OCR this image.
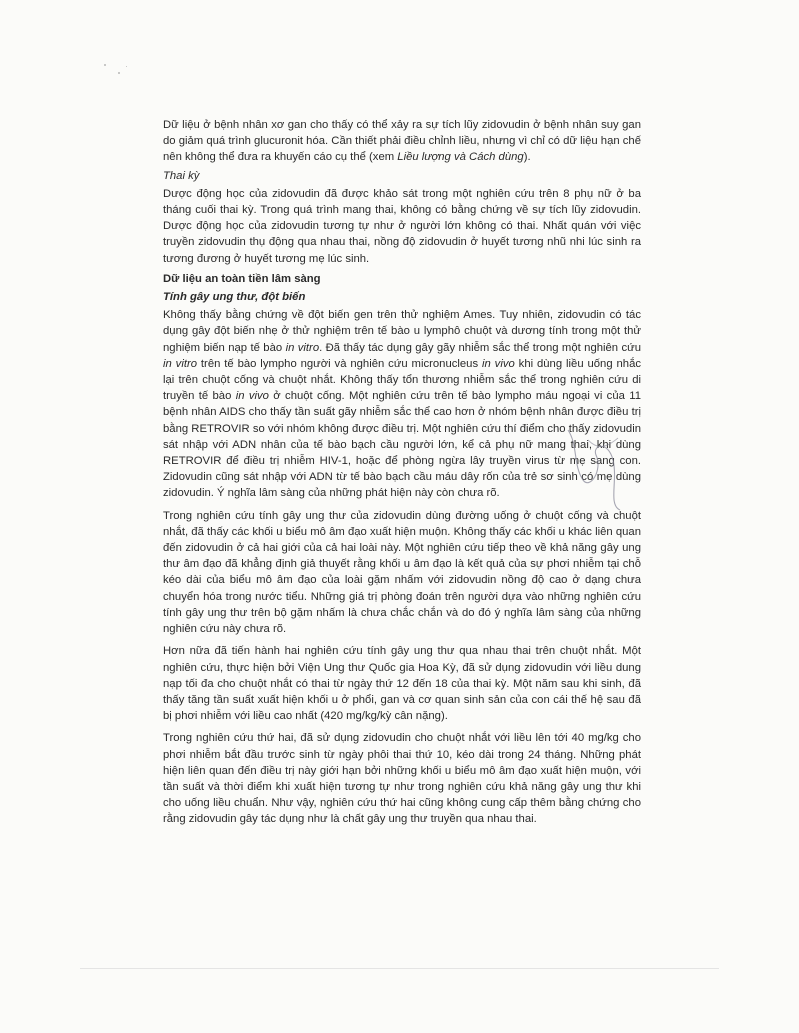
Dữ liệu ở bệnh nhân xơ gan cho thấy có thể xảy ra sự tích lũy zidovudin ở bệnh nhân suy gan do giảm quá trình glucuronit hóa. Cần thiết phải điều chỉnh liều, nhưng vì chỉ có dữ liệu hạn chế nên không thể đưa ra khuyến cáo cụ thể (xem Liều lượng và Cách dùng).

Thai kỳ

Dược động học của zidovudin đã được khảo sát trong một nghiên cứu trên 8 phụ nữ ở ba tháng cuối thai kỳ. Trong quá trình mang thai, không có bằng chứng về sự tích lũy zidovudin. Dược động học của zidovudin tương tự như ở người lớn không có thai. Nhất quán với việc truyền zidovudin thụ động qua nhau thai, nồng độ zidovudin ở huyết tương nhũ nhi lúc sinh ra tương đương ở huyết tương mẹ lúc sinh.

Dữ liệu an toàn tiền lâm sàng
Tính gây ung thư, đột biến

Không thấy bằng chứng về đột biến gen trên thử nghiệm Ames. Tuy nhiên, zidovudin có tác dụng gây đột biến nhẹ ở thử nghiệm trên tế bào u lymphô chuột và dương tính trong một thử nghiệm biến nạp tế bào in vitro. Đã thấy tác dụng gây gãy nhiễm sắc thể trong một nghiên cứu in vitro trên tế bào lympho người và nghiên cứu micronucleus in vivo khi dùng liều uống nhắc lại trên chuột cống và chuột nhắt. Không thấy tổn thương nhiễm sắc thể trong nghiên cứu di truyền tế bào in vivo ở chuột cống. Một nghiên cứu trên tế bào lympho máu ngoại vi của 11 bệnh nhân AIDS cho thấy tần suất gãy nhiễm sắc thể cao hơn ở nhóm bệnh nhân được điều trị bằng RETROVIR so với nhóm không được điều trị. Một nghiên cứu thí điểm cho thấy zidovudin sát nhập với ADN nhân của tế bào bạch cầu người lớn, kể cả phụ nữ mang thai, khi dùng RETROVIR để điều trị nhiễm HIV-1, hoặc để phòng ngừa lây truyền virus từ mẹ sang con. Zidovudin cũng sát nhập với ADN từ tế bào bạch cầu máu dây rốn của trẻ sơ sinh có mẹ dùng zidovudin. Ý nghĩa lâm sàng của những phát hiện này còn chưa rõ.

Trong nghiên cứu tính gây ung thư của zidovudin dùng đường uống ở chuột cống và chuột nhắt, đã thấy các khối u biểu mô âm đạo xuất hiện muộn. Không thấy các khối u khác liên quan đến zidovudin ở cả hai giới của cả hai loài này. Một nghiên cứu tiếp theo về khả năng gây ung thư âm đạo đã khẳng định giả thuyết rằng khối u âm đạo là kết quả của sự phơi nhiễm tại chỗ kéo dài của biểu mô âm đạo của loài gặm nhấm với zidovudin nồng độ cao ở dạng chưa chuyển hóa trong nước tiểu. Những giá trị phòng đoán trên người dựa vào những nghiên cứu tính gây ung thư trên bộ gặm nhấm là chưa chắc chắn và do đó ý nghĩa lâm sàng của những nghiên cứu này chưa rõ.

Hơn nữa đã tiến hành hai nghiên cứu tính gây ung thư qua nhau thai trên chuột nhắt. Một nghiên cứu, thực hiện bởi Viện Ung thư Quốc gia Hoa Kỳ, đã sử dụng zidovudin với liều dung nạp tối đa cho chuột nhắt có thai từ ngày thứ 12 đến 18 của thai kỳ. Một năm sau khi sinh, đã thấy tăng tần suất xuất hiện khối u ở phổi, gan và cơ quan sinh sản của con cái thế hệ sau đã bị phơi nhiễm với liều cao nhất (420 mg/kg/kỳ cân nặng).

Trong nghiên cứu thứ hai, đã sử dụng zidovudin cho chuột nhắt với liều lên tới 40 mg/kg cho phơi nhiễm bắt đầu trước sinh từ ngày phôi thai thứ 10, kéo dài trong 24 tháng. Những phát hiện liên quan đến điều trị này giới hạn bởi những khối u biểu mô âm đạo xuất hiện muộn, với tần suất và thời điểm khi xuất hiện tương tự như trong nghiên cứu khả năng gây ung thư khi cho uống liều chuẩn. Như vậy, nghiên cứu thứ hai cũng không cung cấp thêm bằng chứng cho rằng zidovudin gây tác dụng như là chất gây ung thư truyền qua nhau thai.
